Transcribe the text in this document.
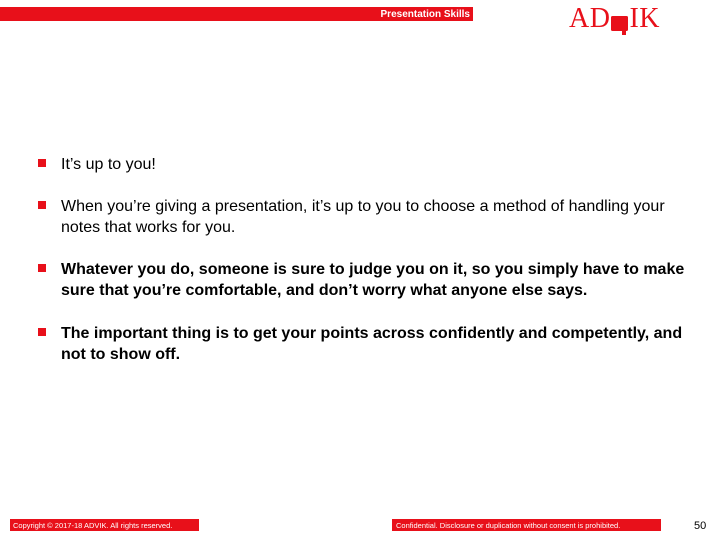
Presentation Skills	AD IK
It’s up to you!
When you’re giving a presentation, it’s up to you to choose a method of handling your notes that works for you.
Whatever you do, someone is sure to judge you on it, so you simply have to make sure that you’re comfortable, and don’t worry what anyone else says.
The important thing is to get your points across confidently and competently, and not to show off.
Copyright © 2017-18 ADVIK. All rights reserved.	Confidential. Disclosure or duplication without consent is prohibited.	50
